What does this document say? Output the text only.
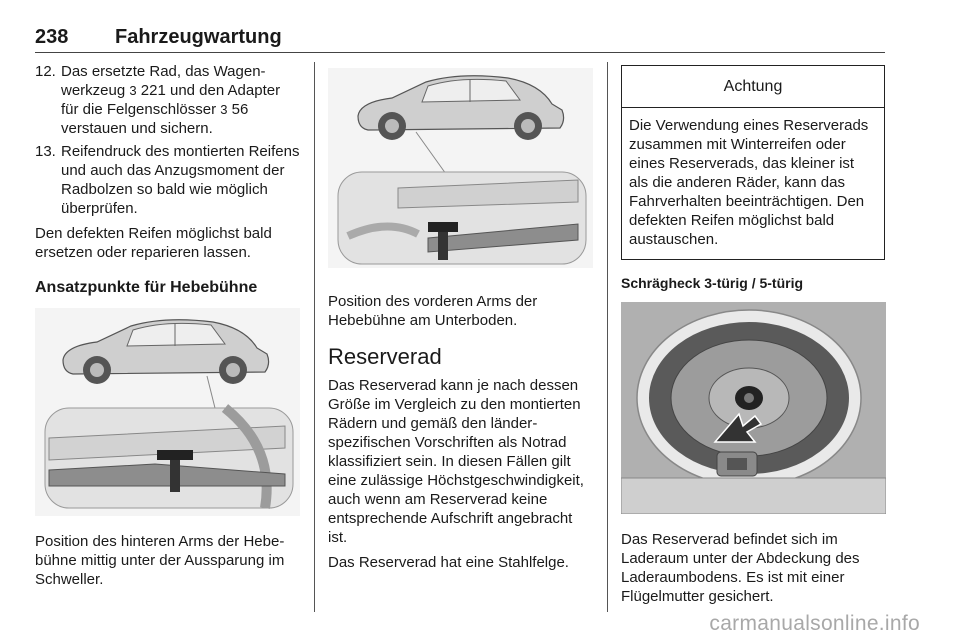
238 Fahrzeugwartung
12. Das ersetzte Rad, das Wagenwerkzeug 3 221 und den Adapter für die Felgenschlösser 3 56 verstauen und sichern.
13. Reifendruck des montierten Reifens und auch das Anzugsmoment der Radbolzen so bald wie möglich überprüfen.

Den defekten Reifen möglichst bald ersetzen oder reparieren lassen.

Ansatzpunkte für Hebebühne

Position des hinteren Arms der Hebebühne mittig unter der Aussparung im Schweller.

Position des vorderen Arms der Hebebühne am Unterboden.

Reserverad

Das Reserverad kann je nach dessen Größe im Vergleich zu den montierten Rädern und gemäß den länderspezifischen Vorschriften als Notrad klassifiziert sein. In diesen Fällen gilt eine zulässige Höchstgeschwindigkeit, auch wenn am Reserverad keine entsprechende Aufschrift angebracht ist.

Das Reserverad hat eine Stahlfelge.

Achtung
Die Verwendung eines Reserverads zusammen mit Winterreifen oder eines Reserverads, das kleiner ist als die anderen Räder, kann das Fahrverhalten beeinträchtigen. Den defekten Reifen möglichst bald austauschen.
Schrägheck 3-türig / 5-türig

Das Reserverad befindet sich im Laderaum unter der Abdeckung des Laderaumbodens. Es ist mit einer Flügelmutter gesichert.

carmanualsonline.info
